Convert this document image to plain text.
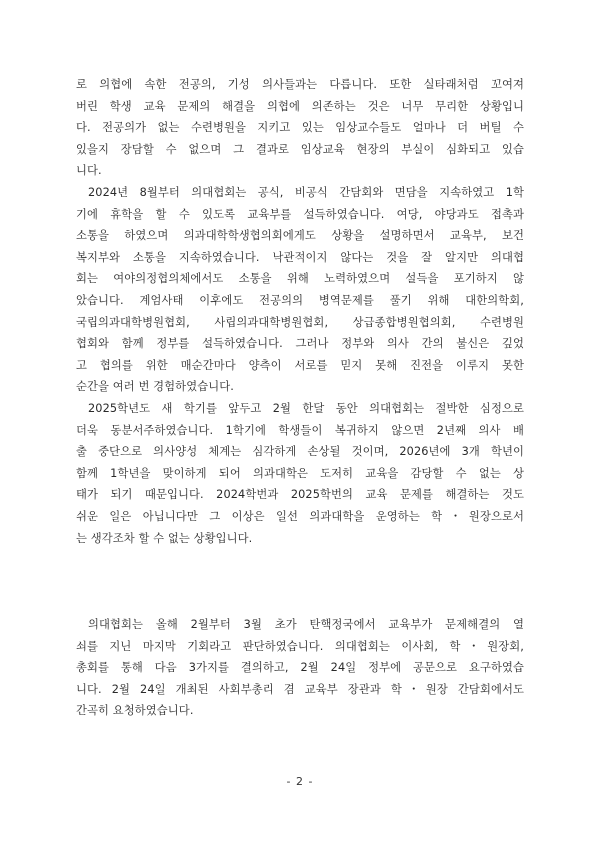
로 의협에 속한 전공의, 기성 의사들과는 다릅니다. 또한 실타래처럼 꼬여져
버린 학생 교육 문제의 해결을 의협에 의존하는 것은 너무 무리한 상황입니
다. 전공의가 없는 수련병원을 지키고 있는 임상교수들도 얼마나 더 버틸 수
있을지 장담할 수 없으며 그 결과로 임상교육 현장의 부실이 심화되고 있습
니다.
2024년 8월부터 의대협회는 공식, 비공식 간담회와 면담을 지속하였고 1학
기에 휴학을 할 수 있도록 교육부를 설득하였습니다. 여당, 야당과도 접촉과
소통을 하였으며 의과대학학생협의회에게도 상황을 설명하면서 교육부, 보건
복지부와 소통을 지속하였습니다. 낙관적이지 않다는 것을 잘 알지만 의대협
회는 여야의정협의체에서도 소통을 위해 노력하였으며 설득을 포기하지 않
았습니다. 계엄사태 이후에도 전공의의 병역문제를 풀기 위해 대한의학회,
국립의과대학병원협회, 사립의과대학병원협회, 상급종합병원협의회, 수련병원
협회와 함께 정부를 설득하였습니다. 그러나 정부와 의사 간의 불신은 깊었
고 협의를 위한 매순간마다 양측이 서로를 믿지 못해 진전을 이루지 못한
순간을 여러 번 경험하였습니다.
2025학년도 새 학기를 앞두고 2월 한달 동안 의대협회는 절박한 심정으로
더욱 동분서주하였습니다. 1학기에 학생들이 복귀하지 않으면 2년째 의사 배
출 중단으로 의사양성 체계는 심각하게 손상될 것이며, 2026년에 3개 학년이
함께 1학년을 맞이하게 되어 의과대학은 도저히 교육을 감당할 수 없는 상
태가 되기 때문입니다. 2024학번과 2025학번의 교육 문제를 해결하는 것도
쉬운 일은 아닙니다만 그 이상은 일선 의과대학을 운영하는 학・원장으로서
는 생각조차 할 수 없는 상황입니다.
의대협회는 올해 2월부터 3월 초가 탄핵정국에서 교육부가 문제해결의 열
쇠를 지닌 마지막 기회라고 판단하였습니다. 의대협회는 이사회, 학・원장회,
총회를 통해 다음 3가지를 결의하고, 2월 24일 정부에 공문으로 요구하였습
니다. 2월 24일 개최된 사회부총리 겸 교육부 장관과 학・원장 간담회에서도
간곡히 요청하였습니다.
- 2 -
